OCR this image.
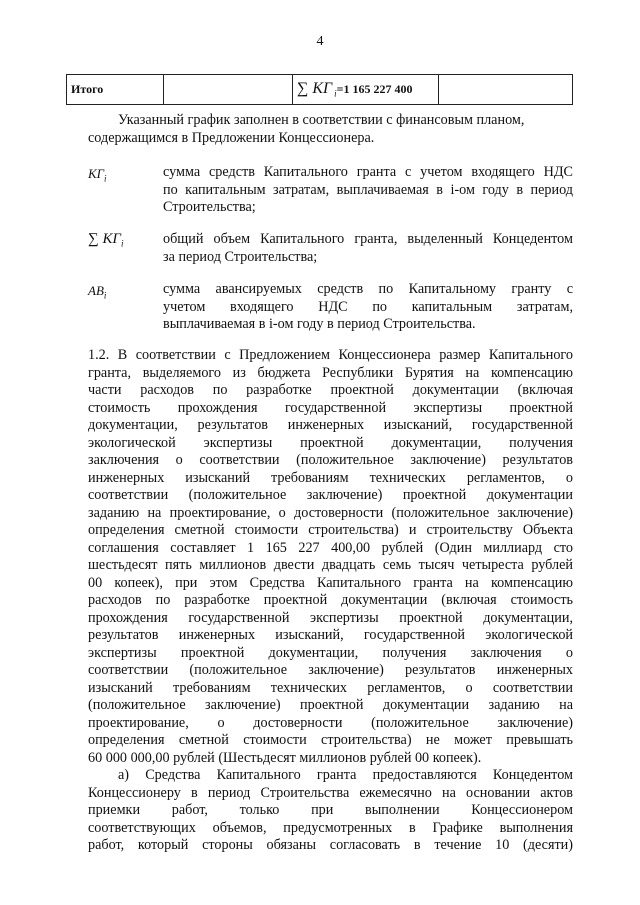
4
Итого		∑ КГ $_i$=1 165 227 400	
Указанный график заполнен в соответствии с финансовым планом,
содержащимся в Предложении Концессионера.
$КГ_i$	сумма средств Капитального гранта с учетом входящего НДС
по капитальным затратам, выплачиваемая в i-ом году в период
Строительства;
∑ $КГ_i$	общий объем Капитального гранта, выделенный Концедентом
за период Строительства;
$АВ_i$	сумма авансируемых средств по Капитальному гранту с
учетом входящего НДС по капитальным затратам,
выплачиваемая в i-ом году в период Строительства.
1.2. В соответствии с Предложением Концессионера размер Капитального
гранта, выделяемого из бюджета Республики Бурятия на компенсацию
части расходов по разработке проектной документации (включая
стоимость прохождения государственной экспертизы проектной
документации, результатов инженерных изысканий, государственной
экологической экспертизы проектной документации, получения
заключения о соответствии (положительное заключение) результатов
инженерных изысканий требованиям технических регламентов, о
соответствии (положительное заключение) проектной документации
заданию на проектирование, о достоверности (положительное заключение)
определения сметной стоимости строительства) и строительству Объекта
соглашения составляет 1 165 227 400,00 рублей (Один миллиард сто
шестьдесят пять миллионов двести двадцать семь тысяч четыреста рублей
00 копеек), при этом Средства Капитального гранта на компенсацию
расходов по разработке проектной документации (включая стоимость
прохождения государственной экспертизы проектной документации,
результатов инженерных изысканий, государственной экологической
экспертизы проектной документации, получения заключения о
соответствии (положительное заключение) результатов инженерных
изысканий требованиям технических регламентов, о соответствии
(положительное заключение) проектной документации заданию на
проектирование, о достоверности (положительное заключение)
определения сметной стоимости строительства) не может превышать
60 000 000,00 рублей (Шестьдесят миллионов рублей 00 копеек).
а) Средства Капитального гранта предоставляются Концедентом
Концессионеру в период Строительства ежемесячно на основании актов
приемки работ, только при выполнении Концессионером
соответствующих объемов, предусмотренных в Графике выполнения
работ, который стороны обязаны согласовать в течение 10 (десяти)
